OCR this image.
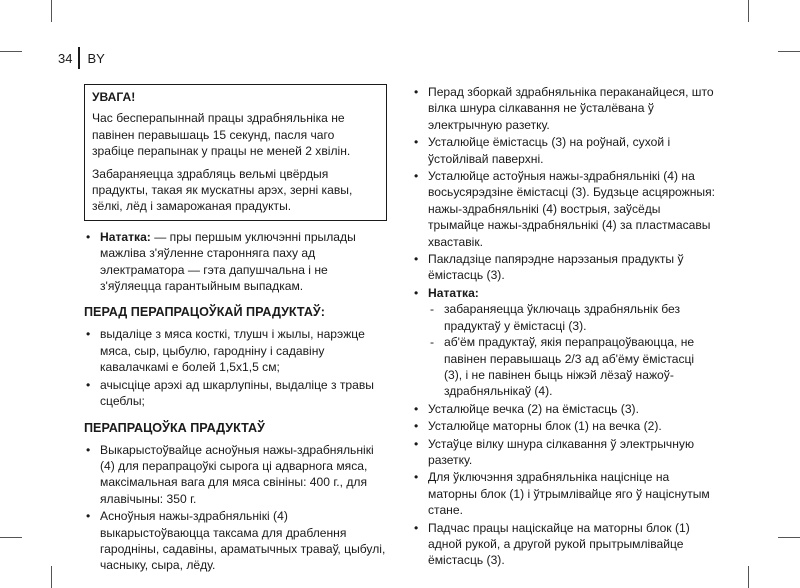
34 BY
УВАГА!

Час бесперапыннай працы здрабняльніка не павінен перавышаць 15 секунд, пасля чаго зрабіце перапынак у працы не меней 2 хвілін.

Забараняецца здрабляць вельмі цвёрдыя прадукты, такая як мускатны арэх, зерні кавы, зёлкі, лёд і замарожаная прадукты.

• Нататка: — пры першым уключэнні прылады мажліва з'яўленне старонняга паху ад электраматора — гэта дапушчальна і не з'яўляецца гарантыйным выпадкам.
ПЕРАД ПЕРАПРАЦОЎКАЙ ПРАДУКТАЎ:
• выдаліце з мяса косткі, тлушч і жылы, нарэжце мяса, сыр, цыбулю, гароднiну і садавіну кавалачкамі е болей 1,5х1,5 см;
• ачысціце арэхі ад шкарлупіны, выдаліце з травы сцеблы;
ПЕРАПРАЦОЎКА ПРАДУКТАЎ
• Выкарыстоўвайце асноўныя нажы-здрабняльнікі (4) для перапрацоўкі сырога ці адварнога мяса, максімальная вага для мяса свініны: 400 г., для ялавічыны: 350 г.
• Асноўныя нажы-здрабняльнікі (4) выкарыстоўваюцца таксама для драблення гароднiны, садавiны, араматычных траваў, цыбулі, часныку, сыра, лёду.
• Перад зборкай здрабняльніка пераканайцеся, што вілка шнура сілкавання не ўсталёвана ў электрычную разетку.
• Усталюйце ёмістасць (3) на роўнай, сухой і ўстойлівай паверхні.
• Усталюйце астоўныя нажы-здрабняльнікі (4) на восьусярэдзіне ёмістасці (3). Будзьце асцярожныя: нажы-здрабняльнікі (4) вострыя, заўсёды трымайце нажы-здрабняльнікі (4) за пластмасавы хваставік.
• Пакладзіце папярэдне нарэзаныя прадукты ў ёмістасць (3).
• Нататка:
- забараняецца ўключаць здрабняльнік без прадуктаў у ёмістасці (3).
- аб'ём прадуктаў, якія перапрацоўваюцца, не павінен перавышаць 2/3 ад аб'ёму ёмістасці (3), і не павінен быць ніжэй лёзаў нажоў-здрабняльнікаў (4).
• Усталюйце вечка (2) на ёмістасць (3).
• Усталюйце маторны блок (1) на вечка (2).
• Устаўце вілку шнура сілкавання ў электрычную разетку.
• Для ўключэння здрабняльніка націсніце на маторны блок (1) і ўтрымлівайце яго ў націснутым стане.
• Падчас працы націскайце на маторны блок (1) адной рукой, а другой рукой прытрымлівайце ёмістасць (3).
